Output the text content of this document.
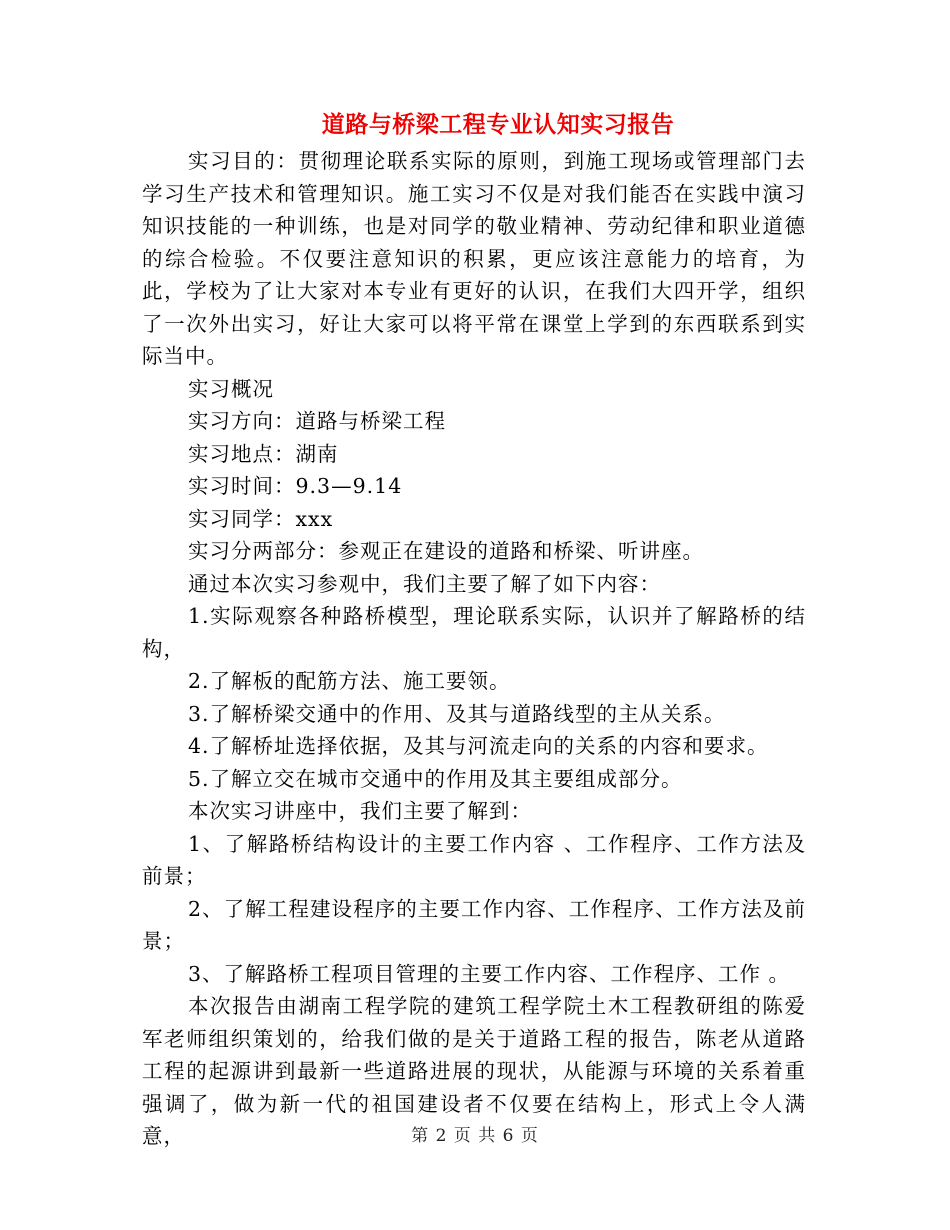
道路与桥梁工程专业认知实习报告

实习目的：贯彻理论联系实际的原则，到施工现场或管理部门去学习生产技术和管理知识。施工实习不仅是对我们能否在实践中演习知识技能的一种训练，也是对同学的敬业精神、劳动纪律和职业道德的综合检验。不仅要注意知识的积累，更应该注意能力的培育，为此，学校为了让大家对本专业有更好的认识，在我们大四开学，组织了一次外出实习，好让大家可以将平常在课堂上学到的东西联系到实际当中。

实习概况

实习方向：道路与桥梁工程

实习地点：湖南

实习时间：9.3—9.14

实习同学：xxx

实习分两部分：参观正在建设的道路和桥梁、听讲座。

通过本次实习参观中，我们主要了解了如下内容：

1.实际观察各种路桥模型，理论联系实际，认识并了解路桥的结构，

2.了解板的配筋方法、施工要领。

3.了解桥梁交通中的作用、及其与道路线型的主从关系。

4.了解桥址选择依据，及其与河流走向的关系的内容和要求。

5.了解立交在城市交通中的作用及其主要组成部分。

本次实习讲座中，我们主要了解到：

1、了解路桥结构设计的主要工作内容 、工作程序、工作方法及前景；

2、了解工程建设程序的主要工作内容、工作程序、工作方法及前景；

3、了解路桥工程项目管理的主要工作内容、工作程序、工作 。

本次报告由湖南工程学院的建筑工程学院土木工程教研组的陈爱军老师组织策划的，给我们做的是关于道路工程的报告，陈老从道路工程的起源讲到最新一些道路进展的现状，从能源与环境的关系着重强调了，做为新一代的祖国建设者不仅要在结构上，形式上令人满意，	第 2 页 共 6 页
